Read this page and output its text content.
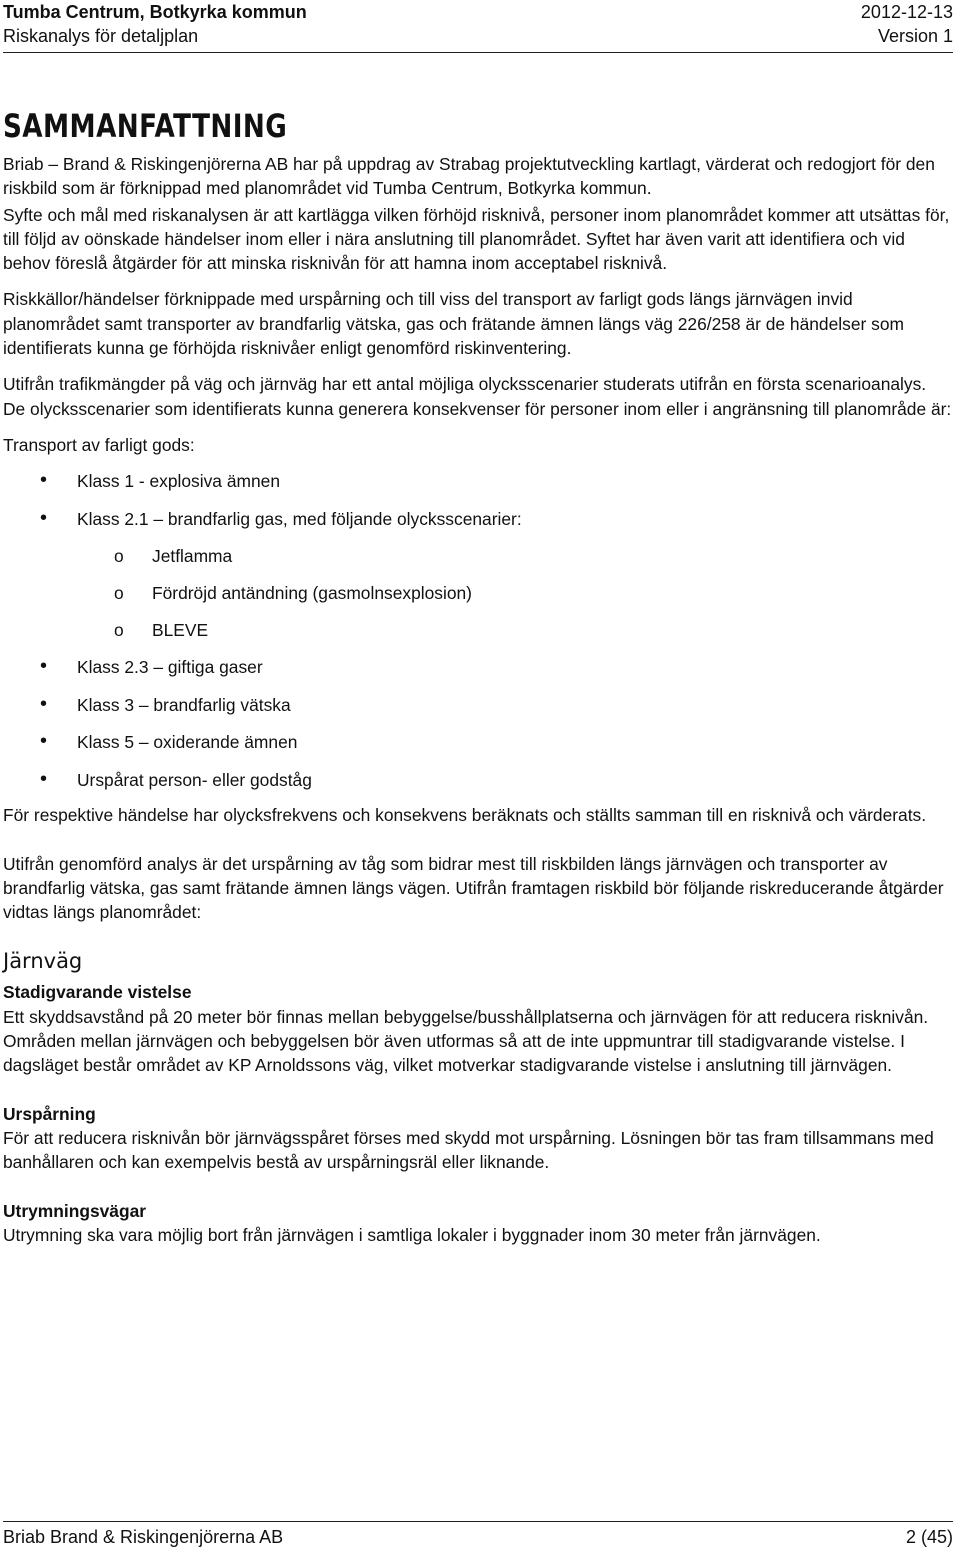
Tumba Centrum, Botkyrka kommun	2012-12-13
Riskanalys för detaljplan	Version 1
SAMMANFATTNING

Briab – Brand & Riskingenjörerna AB har på uppdrag av Strabag projektutveckling kartlagt, värderat och redogjort för den riskbild som är förknippad med planområdet vid Tumba Centrum, Botkyrka kommun.

Syfte och mål med riskanalysen är att kartlägga vilken förhöjd risknivå, personer inom planområdet kommer att utsättas för, till följd av oönskade händelser inom eller i nära anslutning till planområdet. Syftet har även varit att identifiera och vid behov föreslå åtgärder för att minska risknivån för att hamna inom acceptabel risknivå.

Riskkällor/händelser förknippade med urspårning och till viss del transport av farligt gods längs järnvägen invid planområdet samt transporter av brandfarlig vätska, gas och frätande ämnen längs väg 226/258 är de händelser som identifierats kunna ge förhöjda risknivåer enligt genomförd riskinventering.

Utifrån trafikmängder på väg och järnväg har ett antal möjliga olycksscenarier studerats utifrån en första scenarioanalys. De olycksscenarier som identifierats kunna generera konsekvenser för personer inom eller i angränsning till planområde är:

Transport av farligt gods:

• Klass 1 - explosiva ämnen
• Klass 2.1 – brandfarlig gas, med följande olycksscenarier:
o Jetflamma
o Fördröjd antändning (gasmolnsexplosion)
o BLEVE
• Klass 2.3 – giftiga gaser
• Klass 3 – brandfarlig vätska
• Klass 5 – oxiderande ämnen
• Urspårat person- eller godståg

För respektive händelse har olycksfrekvens och konsekvens beräknats och ställts samman till en risknivå och värderats.

Utifrån genomförd analys är det urspårning av tåg som bidrar mest till riskbilden längs järnvägen och transporter av brandfarlig vätska, gas samt frätande ämnen längs vägen. Utifrån framtagen riskbild bör följande riskreducerande åtgärder vidtas längs planområdet:

Järnväg

Stadigvarande vistelse

Ett skyddsavstånd på 20 meter bör finnas mellan bebyggelse/busshållplatserna och järnvägen för att reducera risknivån. Områden mellan järnvägen och bebyggelsen bör även utformas så att de inte uppmuntrar till stadigvarande vistelse. I dagsläget består området av KP Arnoldssons väg, vilket motverkar stadigvarande vistelse i anslutning till järnvägen.

Urspårning

För att reducera risknivån bör järnvägsspåret förses med skydd mot urspårning. Lösningen bör tas fram tillsammans med banhållaren och kan exempelvis bestå av urspårningsräl eller liknande.

Utrymningsvägar

Utrymning ska vara möjlig bort från järnvägen i samtliga lokaler i byggnader inom 30 meter från järnvägen.

Briab Brand & Riskingenjörerna AB	2 (45)
